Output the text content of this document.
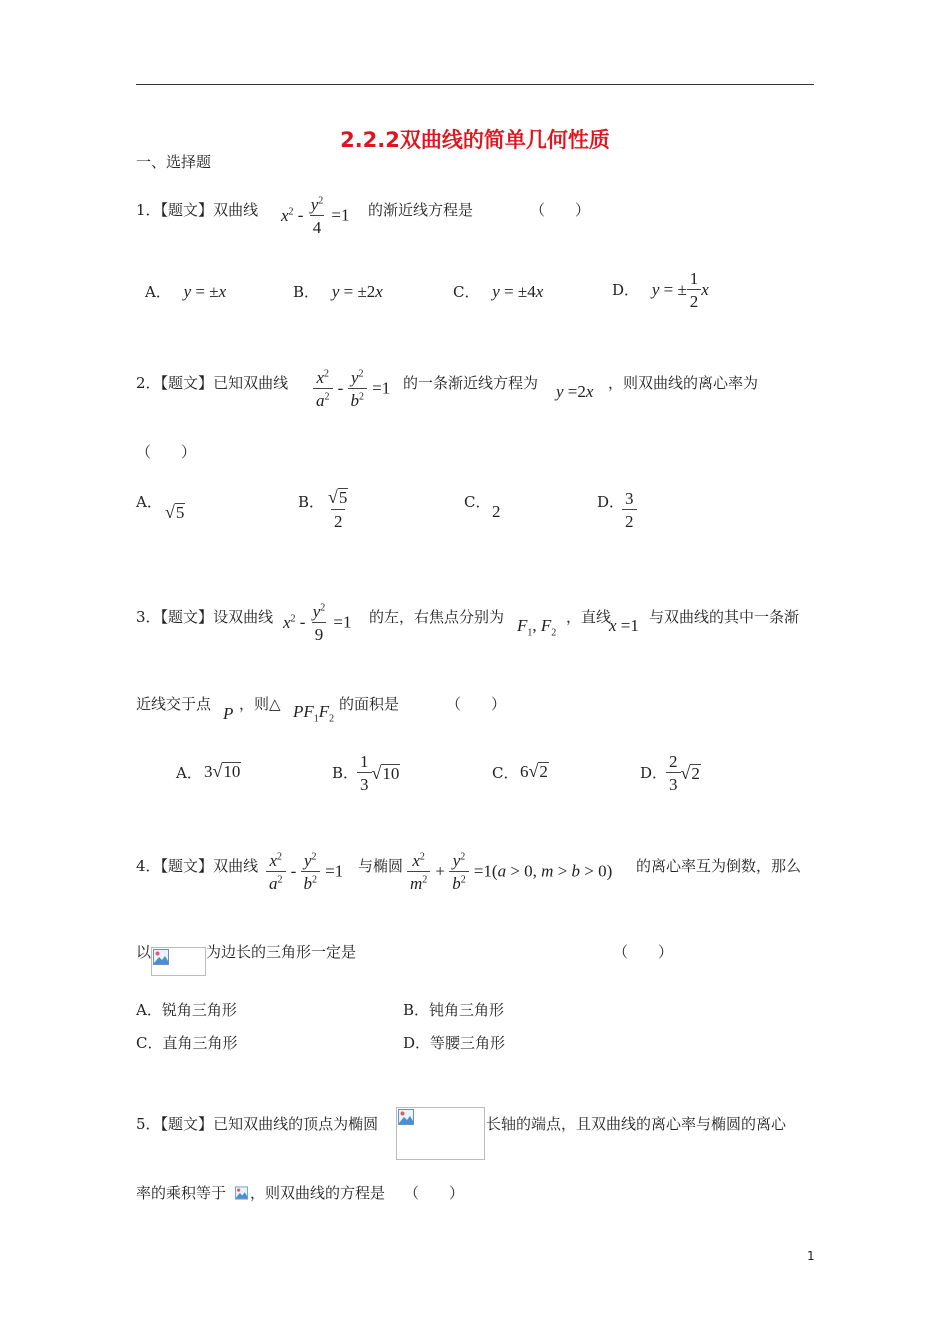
2.2.2双曲线的简单几何性质
一、选择题
1．【题文】双曲线 $x^2 - \frac{y^2}{4} =1$ 的渐近线方程是	（　　）
A． y = ±x	B． y = ±2x	C． y = ±4x	D． y = ± $\frac{1}{2}$ x
2．【题文】已知双曲线 $\frac{x^2}{a^2} - \frac{y^2}{b^2} =1$ 的一条渐近线方程为 y =2x ，则双曲线的离心率为
（　　）
A． √ 5
B． $\frac{√ 5}{2}$	C． 2	D．
$\frac{3}{2}$
3．【题文】设双曲线 $x^2 - \frac{y^2}{9} =1$ 的左，右焦点分别为 $F_1$, $F_2$
，直线
x =1 与双曲线的其中一条渐
近线交于点 P ，则△ $PF_1F_2$
的面积是	（　　）
A． 3 √ 10	B．
$\frac{1}{3}$ √ 10	C． 6 √ 2	D．
$\frac{2}{3}$ √ 2
4．【题文】双曲线 $\frac{x^2}{a^2} - \frac{y^2}{b^2} =1$ 与椭圆 $\frac{x^2}{m^2} + \frac{y^2}{b^2} =1(a > 0$, m > b > 0) 的离心率互为倒数，那么
以	为边长的三角形一定是	（　　）
A．锐角三角形	B．钝角三角形
C．直角三角形	D．等腰三角形
5．【题文】已知双曲线的顶点为椭圆	长轴的端点，且双曲线的离心率与椭圆的离心
率的乘积等于 ，则双曲线的方程是 （　　）
1
